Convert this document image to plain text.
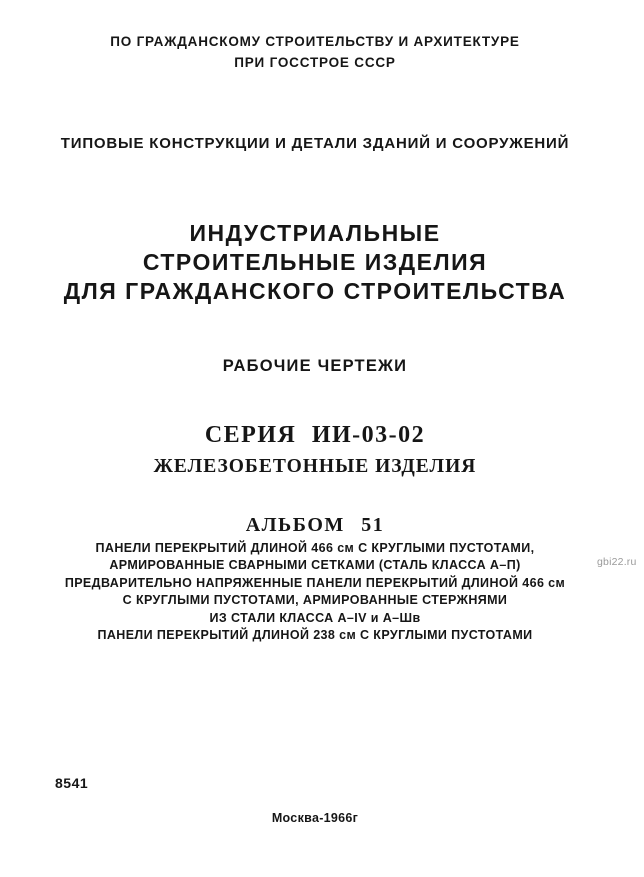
ПО ГРАЖДАНСКОМУ СТРОИТЕЛЬСТВУ И АРХИТЕКТУРЕ
ПРИ ГОССТРОЕ СССР
ТИПОВЫЕ КОНСТРУКЦИИ И ДЕТАЛИ ЗДАНИЙ И СООРУЖЕНИЙ
ИНДУСТРИАЛЬНЫЕ
СТРОИТЕЛЬНЫЕ ИЗДЕЛИЯ
ДЛЯ ГРАЖДАНСКОГО СТРОИТЕЛЬСТВА
РАБОЧИЕ ЧЕРТЕЖИ
СЕРИЯ ИИ-03-02
ЖЕЛЕЗОБЕТОННЫЕ ИЗДЕЛИЯ
АЛЬБОМ 51
ПАНЕЛИ ПЕРЕКРЫТИЙ ДЛИНОЙ 466 см С КРУГЛЫМИ ПУСТОТАМИ,
АРМИРОВАННЫЕ СВАРНЫМИ СЕТКАМИ (СТАЛЬ КЛАССА А–П)
ПРЕДВАРИТЕЛЬНО НАПРЯЖЕННЫЕ ПАНЕЛИ ПЕРЕКРЫТИЙ ДЛИНОЙ 466 см
С КРУГЛЫМИ ПУСТОТАМИ, АРМИРОВАННЫЕ СТЕРЖНЯМИ
ИЗ СТАЛИ КЛАССА А–IV и А–Шв
ПАНЕЛИ ПЕРЕКРЫТИЙ ДЛИНОЙ 238 см С КРУГЛЫМИ ПУСТОТАМИ
gbi22.ru
8541
Москва-1966г
